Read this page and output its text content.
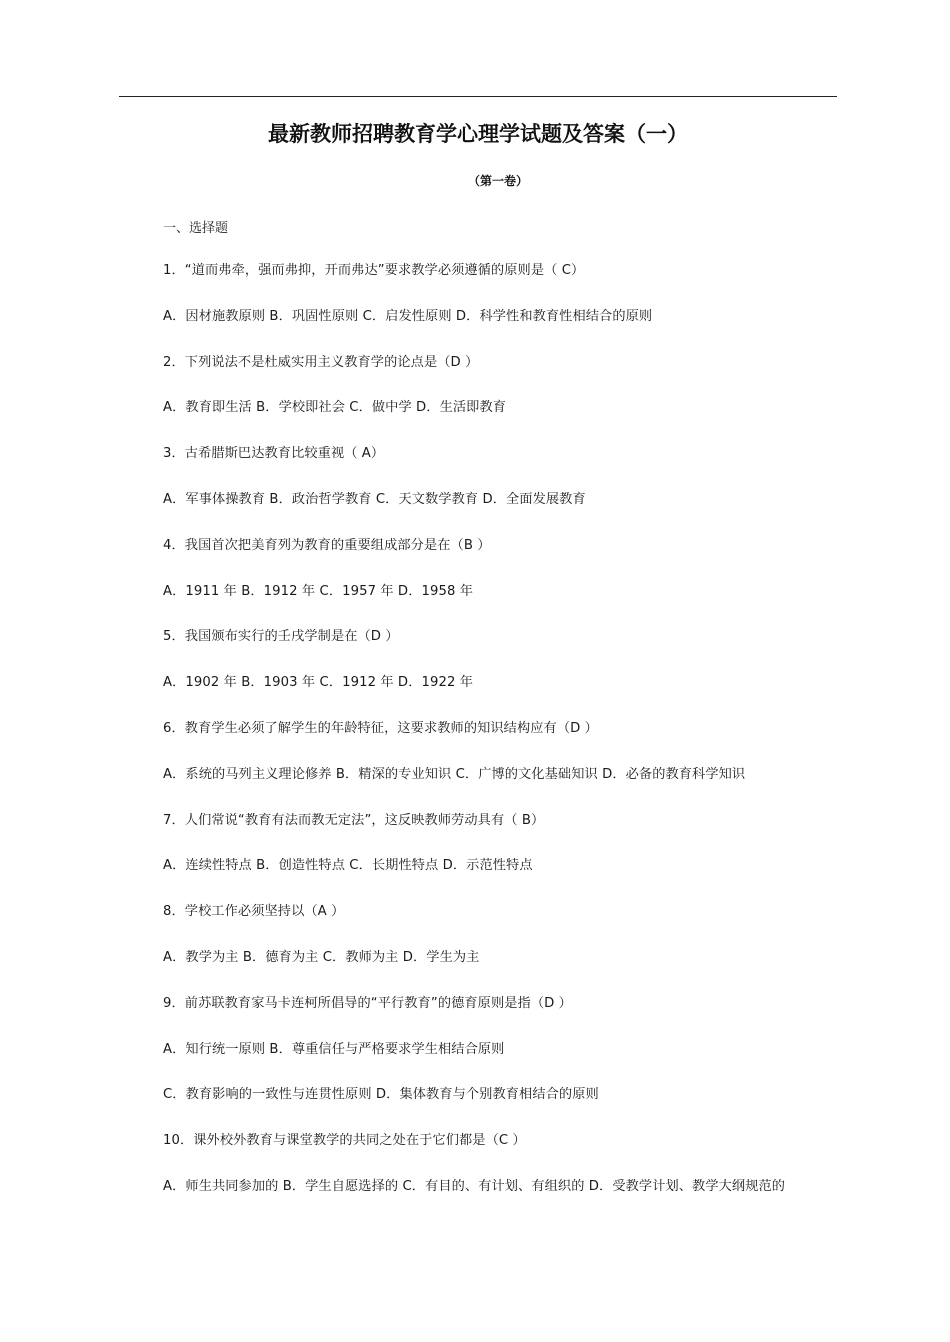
最新教师招聘教育学心理学试题及答案（一）
（第一卷）
一、选择题
1．“道而弗牵，强而弗抑，开而弗达”要求教学必须遵循的原则是（ C）
A．因材施教原则 B．巩固性原则 C．启发性原则 D．科学性和教育性相结合的原则
2．下列说法不是杜威实用主义教育学的论点是（D ）
A．教育即生活 B．学校即社会 C．做中学 D．生活即教育
3．古希腊斯巴达教育比较重视（ A）
A．军事体操教育 B．政治哲学教育 C．天文数学教育 D．全面发展教育
4．我国首次把美育列为教育的重要组成部分是在（B ）
A．1911 年 B．1912 年 C．1957 年 D．1958 年
5．我国颁布实行的壬戌学制是在（D ）
A．1902 年 B．1903 年 C．1912 年 D．1922 年
6．教育学生必须了解学生的年龄特征，这要求教师的知识结构应有（D ）
A．系统的马列主义理论修养 B．精深的专业知识 C．广博的文化基础知识 D．必备的教育科学知识
7．人们常说“教育有法而教无定法”，这反映教师劳动具有（ B）
A．连续性特点 B．创造性特点 C．长期性特点 D．示范性特点
8．学校工作必须坚持以（A ）
A．教学为主 B．德育为主 C．教师为主 D．学生为主
9．前苏联教育家马卡连柯所倡导的“平行教育”的德育原则是指（D ）
A．知行统一原则 B．尊重信任与严格要求学生相结合原则
C．教育影响的一致性与连贯性原则 D．集体教育与个别教育相结合的原则
10．课外校外教育与课堂教学的共同之处在于它们都是（C ）
A．师生共同参加的 B．学生自愿选择的 C．有目的、有计划、有组织的 D．受教学计划、教学大纲规范的
